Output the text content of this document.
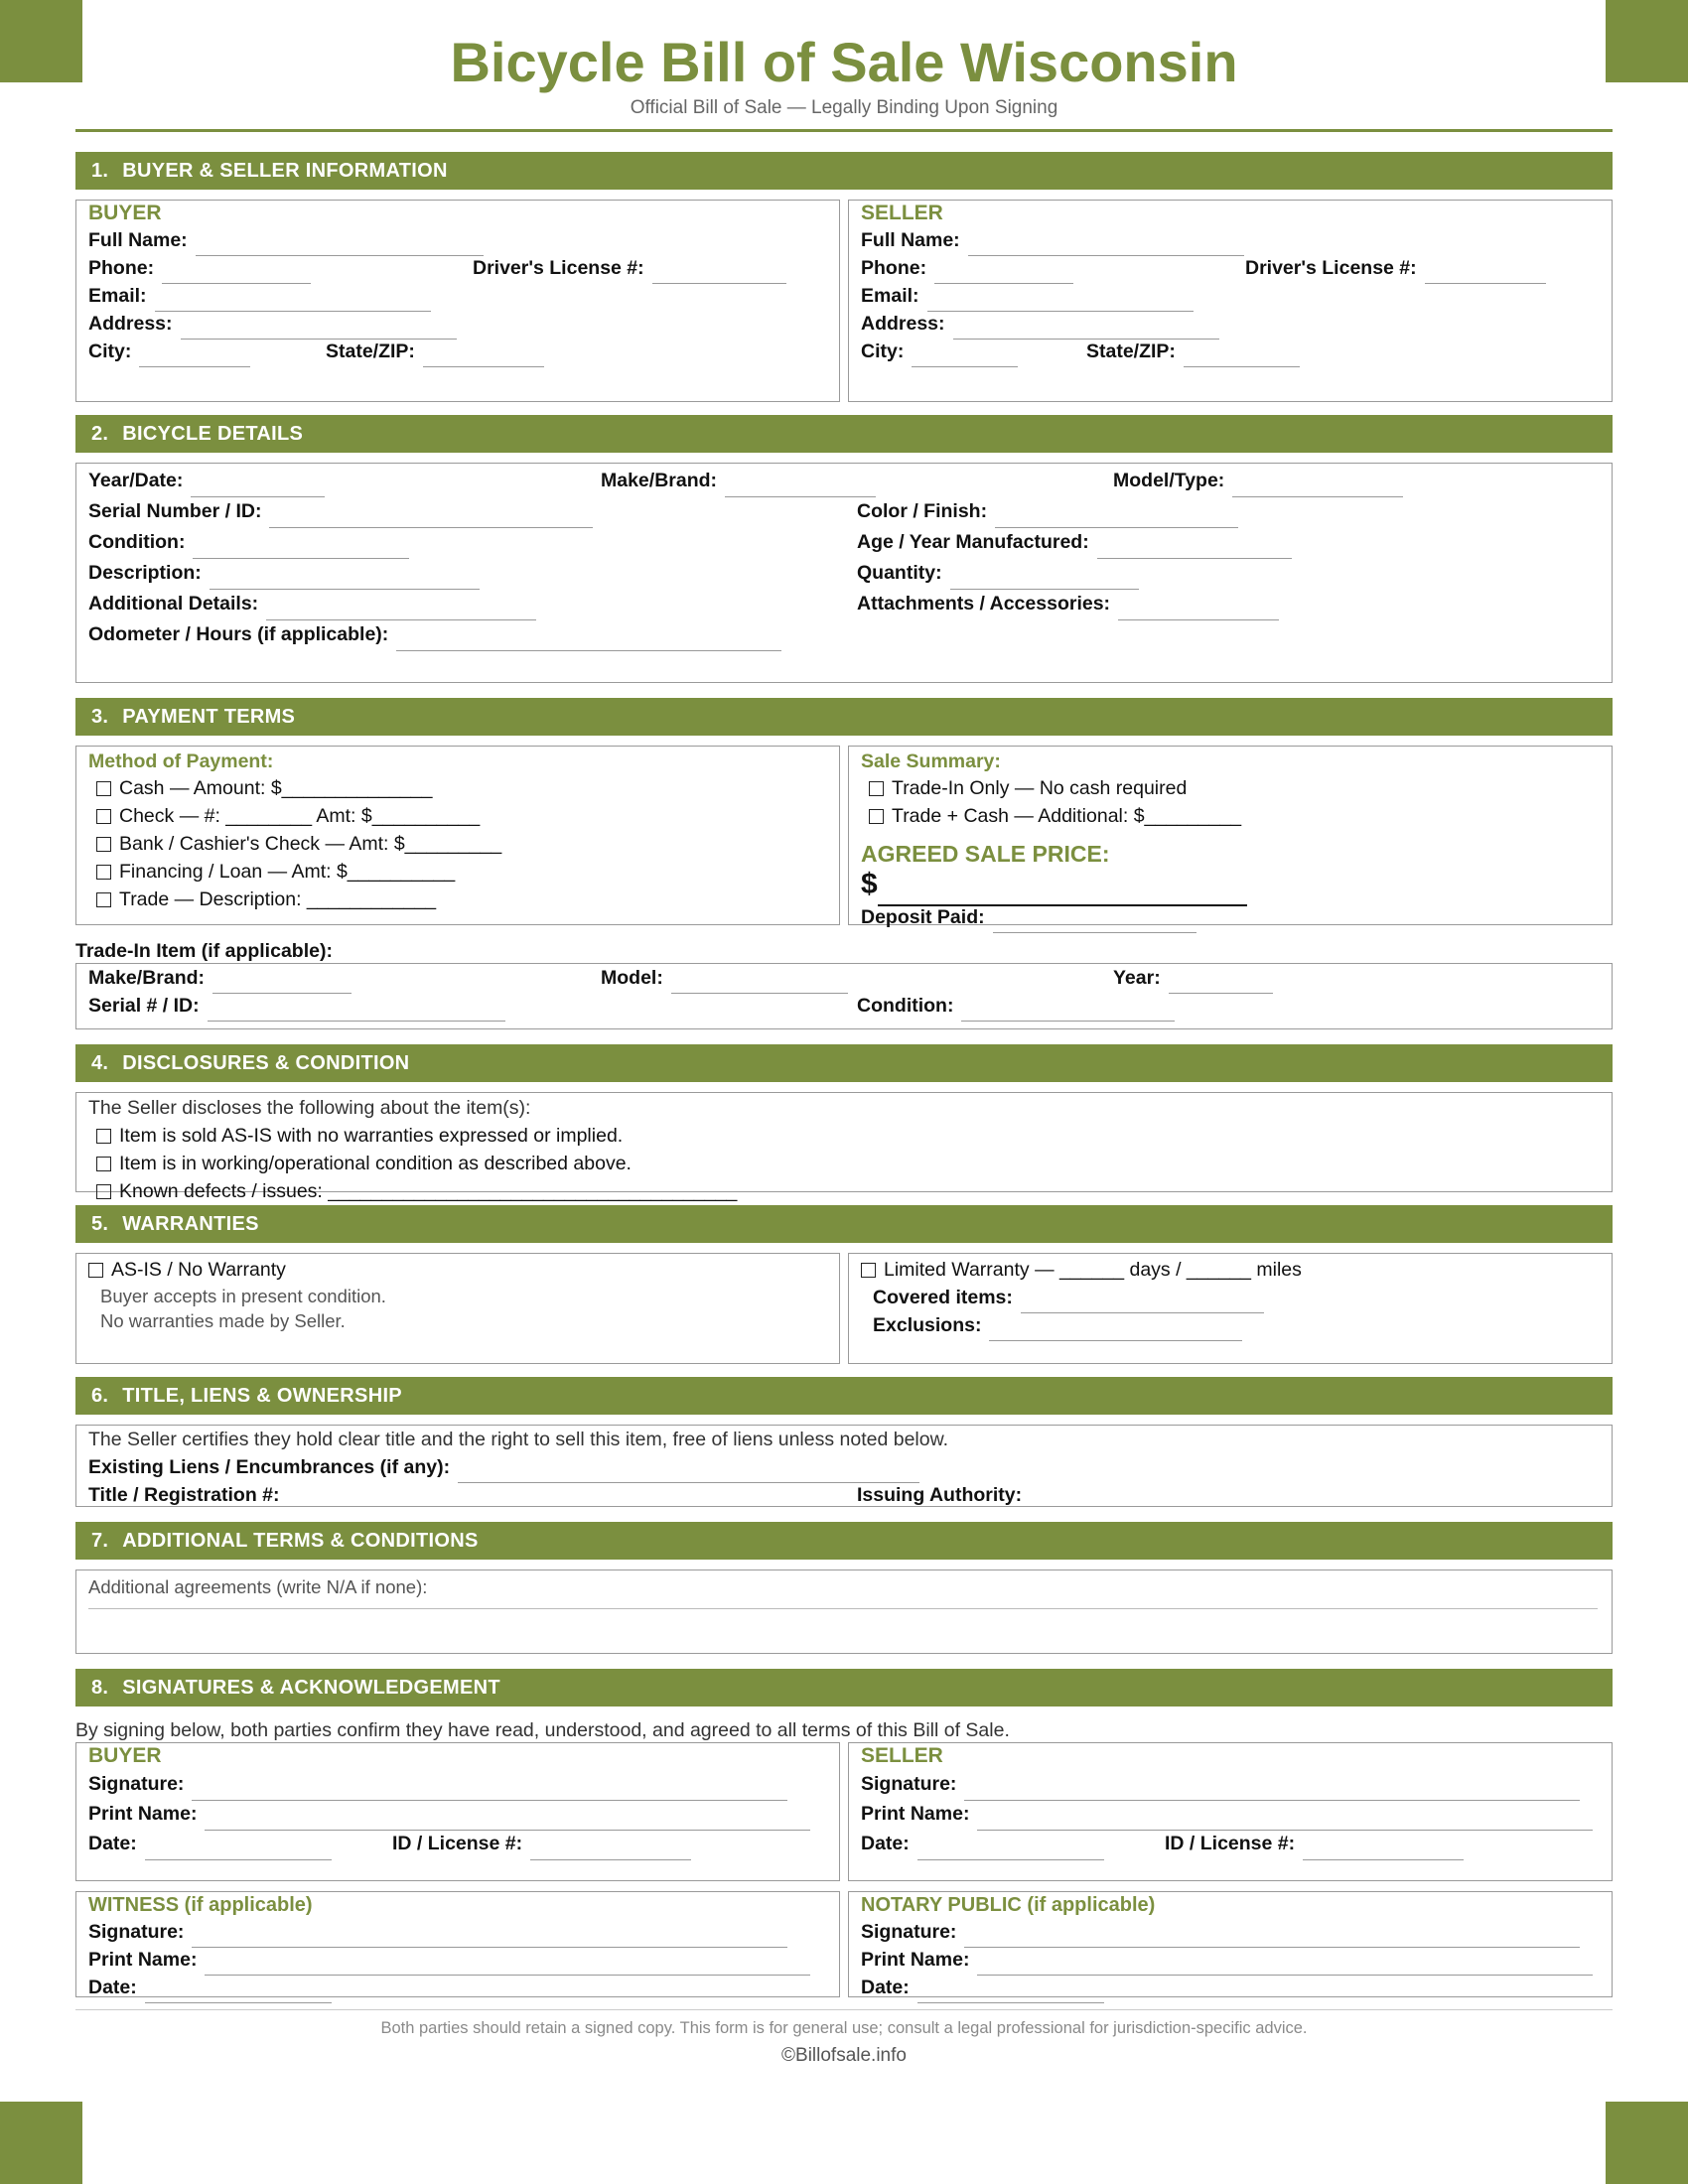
Bicycle Bill of Sale Wisconsin
Official Bill of Sale — Legally Binding Upon Signing
1. BUYER & SELLER INFORMATION
BUYER
Full Name:
Phone:	Driver's License #:
Email:
Address:
City:	State/ZIP:
SELLER
Full Name:
Phone:	Driver's License #:
Email:
Address:
City:	State/ZIP:
2. BICYCLE DETAILS
Year/Date:	Make/Brand:	Model/Type:
Serial Number / ID:	Color / Finish:
Condition:	Age / Year Manufactured:
Description:	Quantity:
Additional Details:	Attachments / Accessories:
Odometer / Hours (if applicable):
3. PAYMENT TERMS
Method of Payment:
Cash — Amount: $______________
Check — #: ________ Amt: $__________
Bank / Cashier's Check — Amt: $_________
Financing / Loan — Amt: $__________
Trade — Description: ____________
Sale Summary:
Trade-In Only — No cash required
Trade + Cash — Additional: $_________
AGREED SALE PRICE:
$
Deposit Paid:
Trade-In Item (if applicable):
Make/Brand:	Model:	Year:
Serial # / ID:	Condition:
4. DISCLOSURES & CONDITION
The Seller discloses the following about the item(s):
Item is sold AS-IS with no warranties expressed or implied.
Item is in working/operational condition as described above.
Known defects / issues: ______________________________________
5. WARRANTIES
AS-IS / No Warranty
Buyer accepts in present condition.
No warranties made by Seller.
Limited Warranty — ______ days / ______ miles
Covered items:
Exclusions:
6. TITLE, LIENS & OWNERSHIP
The Seller certifies they hold clear title and the right to sell this item, free of liens unless noted below.
Existing Liens / Encumbrances (if any):
Title / Registration #:	Issuing Authority:
7. ADDITIONAL TERMS & CONDITIONS
Additional agreements (write N/A if none):
8. SIGNATURES & ACKNOWLEDGEMENT
By signing below, both parties confirm they have read, understood, and agreed to all terms of this Bill of Sale.
BUYER
Signature:
Print Name:
Date:	ID / License #:
SELLER
Signature:
Print Name:
Date:	ID / License #:
WITNESS (if applicable)
Signature:
Print Name:
Date:
NOTARY PUBLIC (if applicable)
Signature:
Print Name:
Date:
Both parties should retain a signed copy. This form is for general use; consult a legal professional for jurisdiction-specific advice.
©Billofsale.info
